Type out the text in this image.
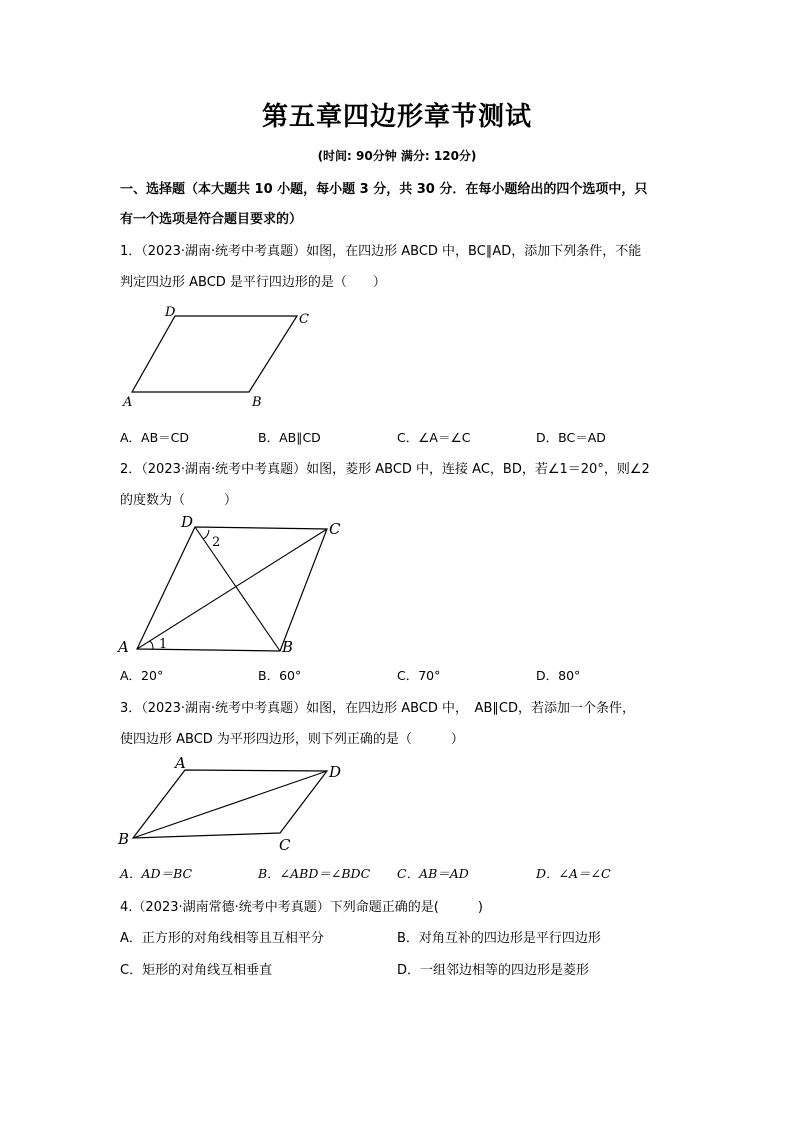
第五章四边形章节测试
(时间: 90分钟 满分: 120分)
一、选择题（本大题共 10 小题，每小题 3 分，共 30 分．在每小题给出的四个选项中，只
有一个选项是符合题目要求的）
1．（2023·湖南·统考中考真题）如图，在四边形 ABCD 中，BC∥AD，添加下列条件，不能
判定四边形 ABCD 是平行四边形的是（　　）
A	B
C
D
A．AB＝CD	B．AB∥CD	C．∠A＝∠C	D．BC＝AD
2．（2023·湖南·统考中考真题）如图，菱形 ABCD 中，连接 AC，BD，若∠1＝20°，则∠2
的度数为（　　　）
A	B
C
D
1
2
A．20°	B．60°	C．70°	D．80°
3．（2023·湖南·统考中考真题）如图，在四边形 ABCD 中，　AB∥CD，若添加一个条件，
使四边形 ABCD 为平形四边形，则下列正确的是（　　　）
A
B	C
D
A．AD＝BC	B．∠ABD＝∠BDC C．AB＝AD	D．∠A＝∠C
4.（2023·湖南常德·统考中考真题）下列命题正确的是(　　　)
A．正方形的对角线相等且互相平分	B．对角互补的四边形是平行四边形
C．矩形的对角线互相垂直	D．一组邻边相等的四边形是菱形
